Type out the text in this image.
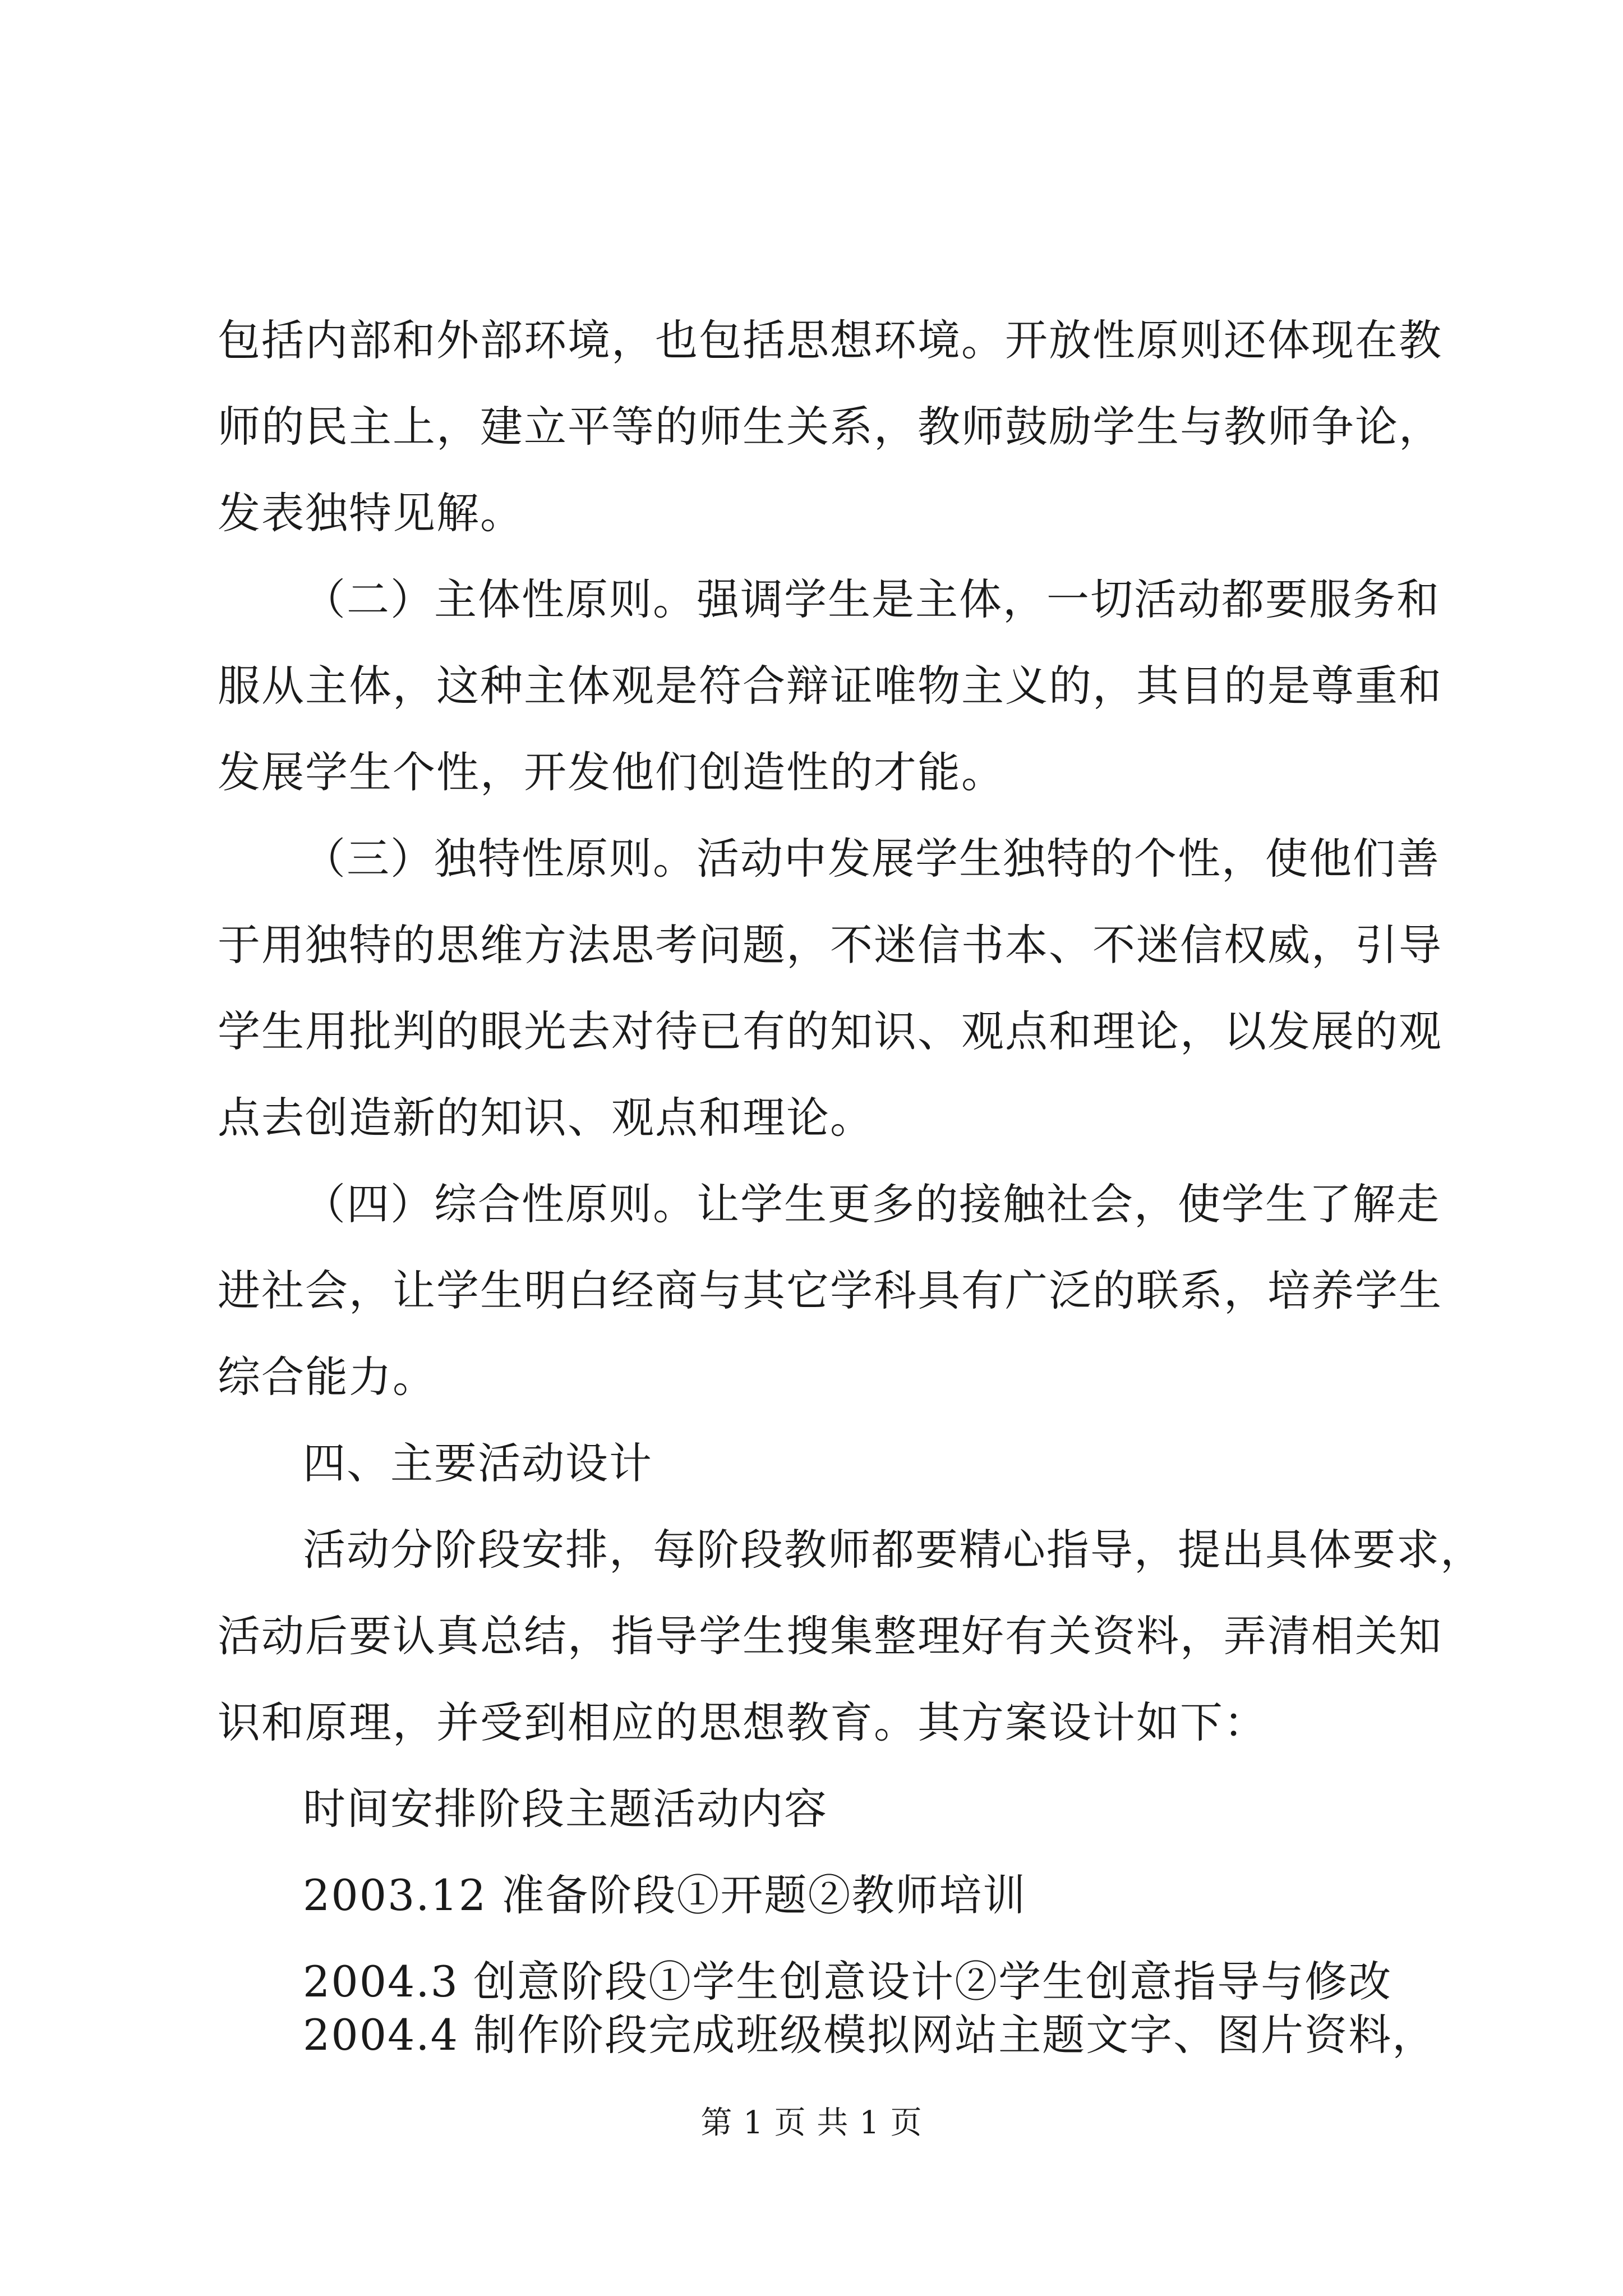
包括内部和外部环境，也包括思想环境。开放性原则还体现在教
师的民主上，建立平等的师生关系，教师鼓励学生与教师争论，
发表独特见解。
（二）主体性原则。强调学生是主体，一切活动都要服务和
服从主体，这种主体观是符合辩证唯物主义的，其目的是尊重和
发展学生个性，开发他们创造性的才能。
（三）独特性原则。活动中发展学生独特的个性，使他们善
于用独特的思维方法思考问题，不迷信书本、不迷信权威，引导
学生用批判的眼光去对待已有的知识、观点和理论，以发展的观
点去创造新的知识、观点和理论。
（四）综合性原则。让学生更多的接触社会，使学生了解走
进社会，让学生明白经商与其它学科具有广泛的联系，培养学生
综合能力。
四、主要活动设计
活动分阶段安排，每阶段教师都要精心指导，提出具体要求，
活动后要认真总结，指导学生搜集整理好有关资料，弄清相关知
识和原理，并受到相应的思想教育。其方案设计如下：
时间安排阶段主题活动内容
2003.12 准备阶段①开题②教师培训
2004.3 创意阶段①学生创意设计②学生创意指导与修改
2004.4 制作阶段完成班级模拟网站主题文字、图片资料，
第 1 页 共 1 页
